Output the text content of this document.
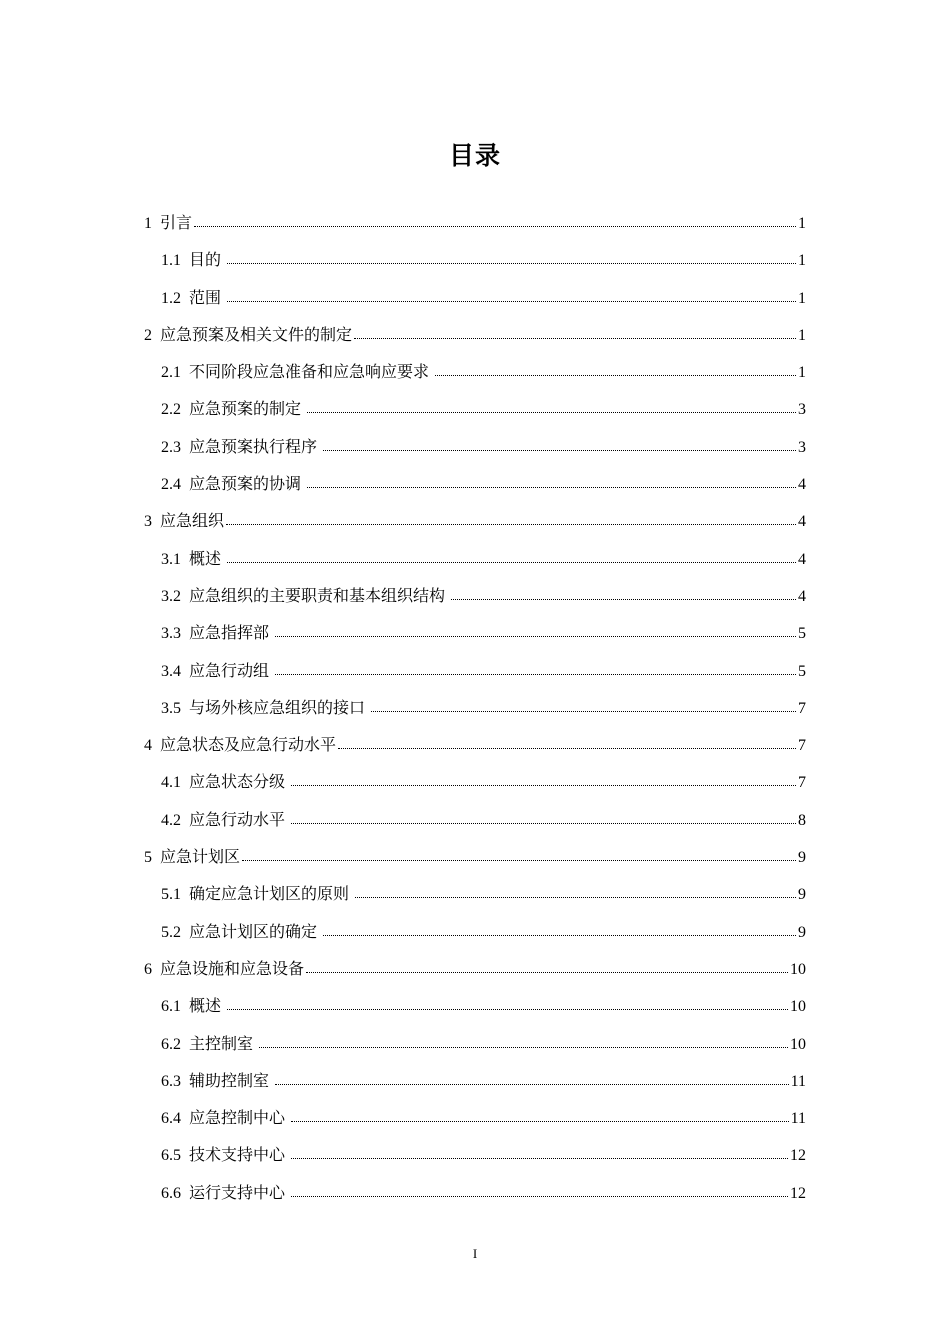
目录
1 引言	1
1.1 目的	1
1.2 范围	1
2 应急预案及相关文件的制定	1
2.1 不同阶段应急准备和应急响应要求	1
2.2 应急预案的制定	3
2.3 应急预案执行程序	3
2.4 应急预案的协调	4
3 应急组织	4
3.1 概述	4
3.2 应急组织的主要职责和基本组织结构	4
3.3 应急指挥部	5
3.4 应急行动组	5
3.5 与场外核应急组织的接口	7
4 应急状态及应急行动水平	7
4.1 应急状态分级	7
4.2 应急行动水平	8
5 应急计划区	9
5.1 确定应急计划区的原则	9
5.2 应急计划区的确定	9
6 应急设施和应急设备	10
6.1 概述	10
6.2 主控制室	10
6.3 辅助控制室	11
6.4 应急控制中心	11
6.5 技术支持中心	12
6.6 运行支持中心	12
I
